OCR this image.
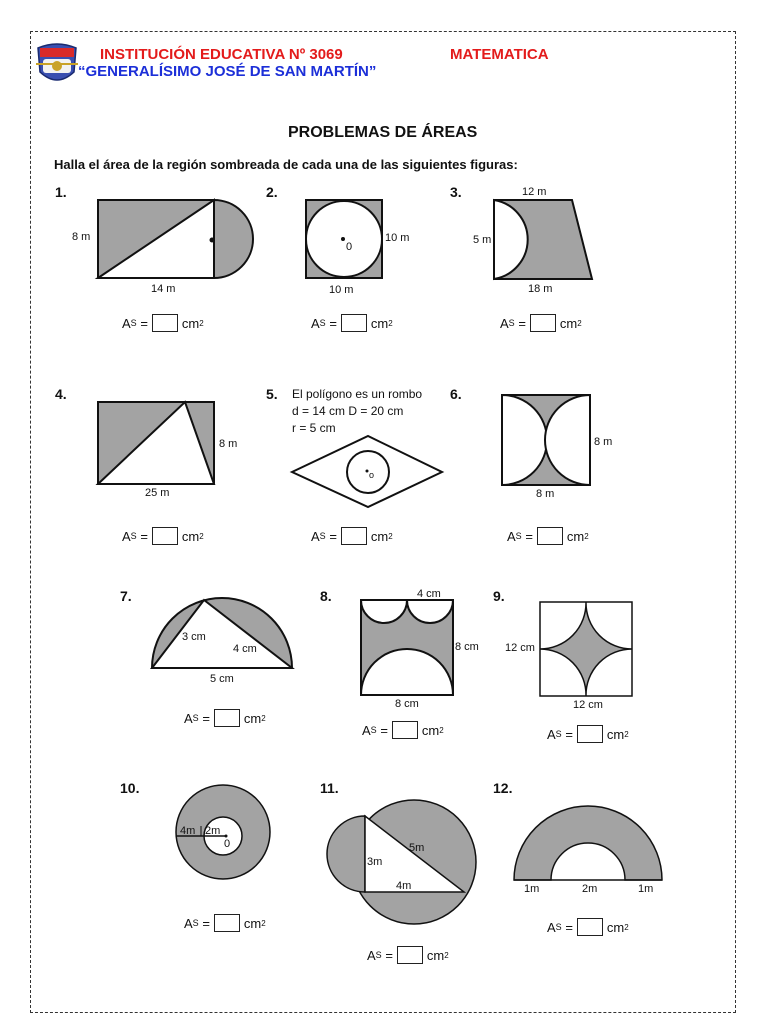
INSTITUCIÓN EDUCATIVA Nº 3069	MATEMATICA
“GENERALÍSIMO JOSÉ DE SAN MARTÍN”
PROBLEMAS DE ÁREAS
Halla el área de la región sombreada de cada una de las siguientes figuras:
1.	2.	3.
4.	5.	6.
7.	8.	9.
10.	11.	12.
8 m
14 m
0
10 m
10 m
12 m
5 m
18 m
8 m
25 m
El polígono es un rombo
d = 14 cm D = 20 cm
r = 5 cm
o
8 m
8 m
3 cm
4 cm
5 cm
4 cm
8 cm
8 cm
12 cm
12 cm
4m 2m
0	5m
3m
4m	1m	2m	1m
A S
=	cm 2	A S
=	cm 2	A S
=	cm 2
A S
=	cm 2	A S
=	cm 2	A S
=	cm 2
A S
=	cm 2
A S
=	cm 2	A S
=	cm 2
A S
=	cm 2
A S
=	cm 2
A S
=	cm 2
